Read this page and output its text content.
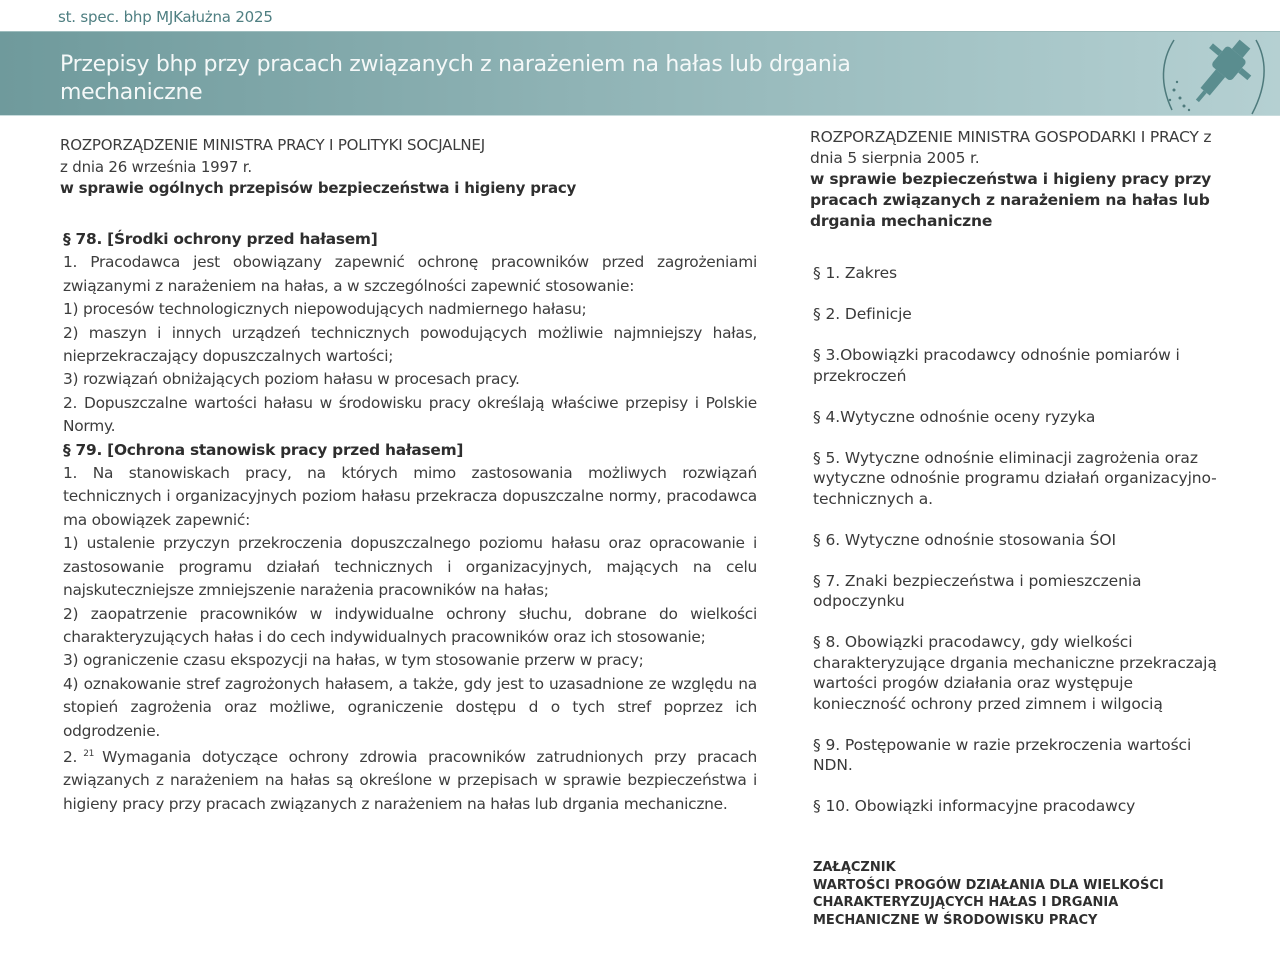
st. spec. bhp MJKałużna 2025
Przepisy bhp przy pracach związanych z narażeniem na hałas lub drgania mechaniczne
ROZPORZĄDZENIE MINISTRA PRACY I POLITYKI SOCJALNEJ
z dnia 26 września 1997 r.
w sprawie ogólnych przepisów bezpieczeństwa i higieny pracy

§ 78. [Środki ochrony przed hałasem]

1. Pracodawca jest obowiązany zapewnić ochronę pracowników przed zagrożeniami związanymi z narażeniem na hałas, a w szczególności zapewnić stosowanie:

1) procesów technologicznych niepowodujących nadmiernego hałasu;

2) maszyn i innych urządzeń technicznych powodujących możliwie najmniejszy hałas, nieprzekraczający dopuszczalnych wartości;

3) rozwiązań obniżających poziom hałasu w procesach pracy.

2. Dopuszczalne wartości hałasu w środowisku pracy określają właściwe przepisy i Polskie Normy.

§ 79. [Ochrona stanowisk pracy przed hałasem]

1. Na stanowiskach pracy, na których mimo zastosowania możliwych rozwiązań technicznych i organizacyjnych poziom hałasu przekracza dopuszczalne normy, pracodawca ma obowiązek zapewnić:

1) ustalenie przyczyn przekroczenia dopuszczalnego poziomu hałasu oraz opracowanie i zastosowanie programu działań technicznych i organizacyjnych, mających na celu najskuteczniejsze zmniejszenie narażenia pracowników na hałas;

2) zaopatrzenie pracowników w indywidualne ochrony słuchu, dobrane do wielkości charakteryzujących hałas i do cech indywidualnych pracowników oraz ich stosowanie;

3) ograniczenie czasu ekspozycji na hałas, w tym stosowanie przerw w pracy;

4) oznakowanie stref zagrożonych hałasem, a także, gdy jest to uzasadnione ze względu na stopień zagrożenia oraz możliwe, ograniczenie dostępu d o tych stref poprzez ich odgrodzenie.

2. $^{21}$ Wymagania dotyczące ochrony zdrowia pracowników zatrudnionych przy pracach związanych z narażeniem na hałas są określone w przepisach w sprawie bezpieczeństwa i higieny pracy przy pracach związanych z narażeniem na hałas lub drgania mechaniczne.

ROZPORZĄDZENIE MINISTRA GOSPODARKI I PRACY z dnia 5 sierpnia 2005 r.
w sprawie bezpieczeństwa i higieny pracy przy pracach związanych z narażeniem na hałas lub drgania mechaniczne
§ 1. Zakres
§ 2. Definicje
§ 3.Obowiązki pracodawcy odnośnie pomiarów i przekroczeń
§ 4.Wytyczne odnośnie oceny ryzyka
§ 5. Wytyczne odnośnie eliminacji zagrożenia oraz wytyczne odnośnie programu działań organizacyjno-technicznych a.
§ 6. Wytyczne odnośnie stosowania ŚOI
§ 7. Znaki bezpieczeństwa i pomieszczenia odpoczynku
§ 8. Obowiązki pracodawcy, gdy wielkości charakteryzujące drgania mechaniczne przekraczają wartości progów działania oraz występuje konieczność ochrony przed zimnem i wilgocią
§ 9. Postępowanie w razie przekroczenia wartości NDN.
§ 10. Obowiązki informacyjne pracodawcy
ZAŁĄCZNIK
WARTOŚCI PROGÓW DZIAŁANIA DLA WIELKOŚCI CHARAKTERYZUJĄCYCH HAŁAS I DRGANIA MECHANICZNE W ŚRODOWISKU PRACY
